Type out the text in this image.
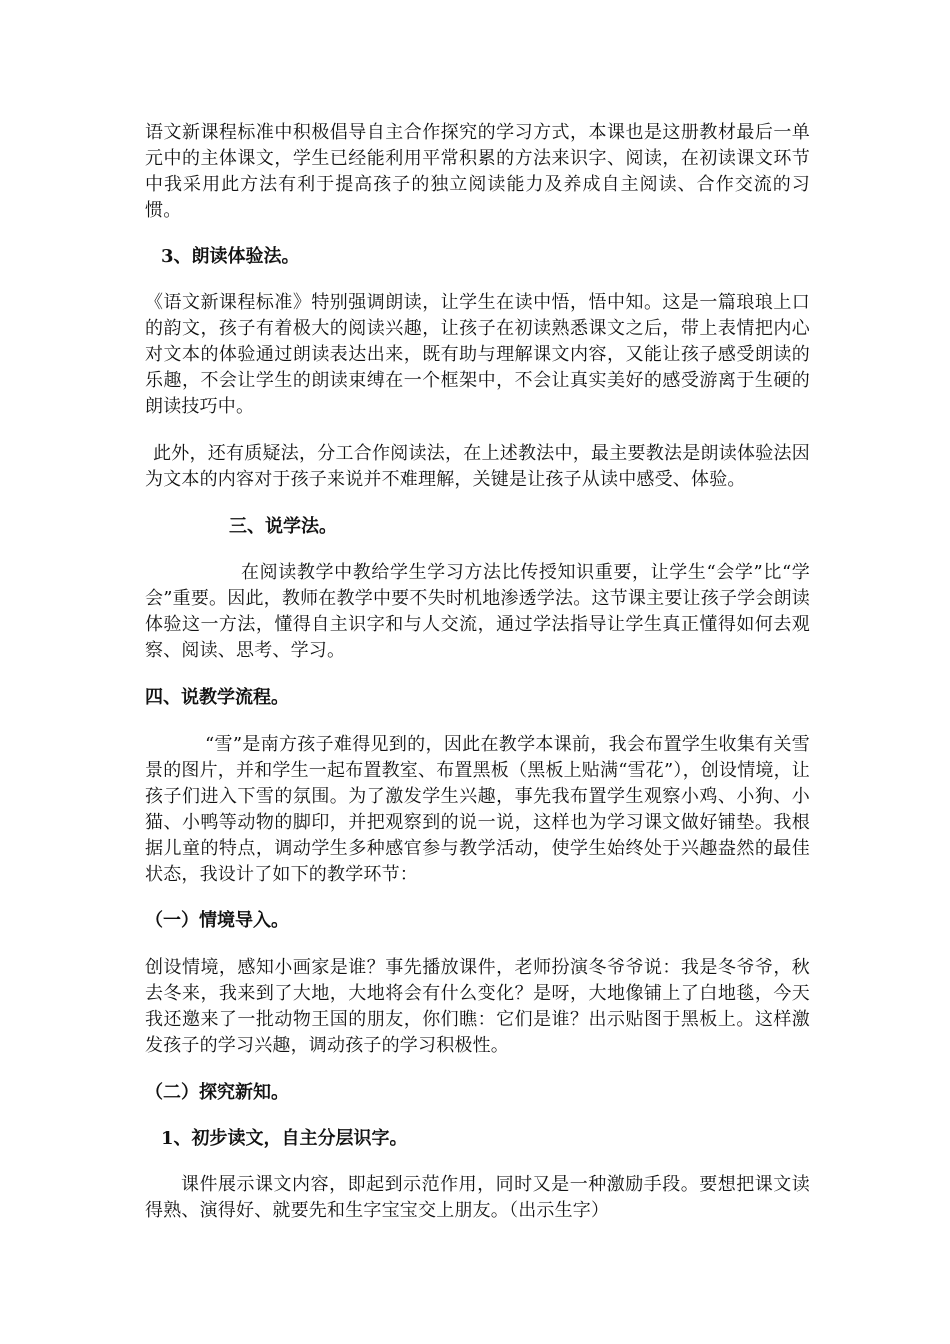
语文新课程标准中积极倡导自主合作探究的学习方式，本课也是这册教材最后一单元中的主体课文，学生已经能利用平常积累的方法来识字、阅读，在初读课文环节中我采用此方法有利于提高孩子的独立阅读能力及养成自主阅读、合作交流的习惯。

3、朗读体验法。

《语文新课程标准》特别强调朗读，让学生在读中悟，悟中知。这是一篇琅琅上口的韵文，孩子有着极大的阅读兴趣，让孩子在初读熟悉课文之后，带上表情把内心对文本的体验通过朗读表达出来，既有助与理解课文内容，又能让孩子感受朗读的乐趣，不会让学生的朗读束缚在一个框架中，不会让真实美好的感受游离于生硬的朗读技巧中。

此外，还有质疑法，分工合作阅读法，在上述教法中，最主要教法是朗读体验法因为文本的内容对于孩子来说并不难理解，关键是让孩子从读中感受、体验。

三、说学法。

在阅读教学中教给学生学习方法比传授知识重要，让学生“会学”比“学会”重要。因此，教师在教学中要不失时机地渗透学法。这节课主要让孩子学会朗读体验这一方法，懂得自主识字和与人交流，通过学法指导让学生真正懂得如何去观察、阅读、思考、学习。

四、说教学流程。

“雪”是南方孩子难得见到的，因此在教学本课前，我会布置学生收集有关雪景的图片，并和学生一起布置教室、布置黑板（黑板上贴满“雪花”），创设情境，让孩子们进入下雪的氛围。为了激发学生兴趣，事先我布置学生观察小鸡、小狗、小猫、小鸭等动物的脚印，并把观察到的说一说，这样也为学习课文做好铺垫。我根据儿童的特点，调动学生多种感官参与教学活动，使学生始终处于兴趣盎然的最佳状态，我设计了如下的教学环节：

（一）情境导入。

创设情境，感知小画家是谁？事先播放课件，老师扮演冬爷爷说：我是冬爷爷，秋去冬来，我来到了大地，大地将会有什么变化？是呀，大地像铺上了白地毯，今天我还邀来了一批动物王国的朋友，你们瞧：它们是谁？出示贴图于黑板上。这样激发孩子的学习兴趣，调动孩子的学习积极性。

（二）探究新知。

1、初步读文，自主分层识字。

课件展示课文内容，即起到示范作用，同时又是一种激励手段。要想把课文读得熟、演得好、就要先和生字宝宝交上朋友。（出示生字）
